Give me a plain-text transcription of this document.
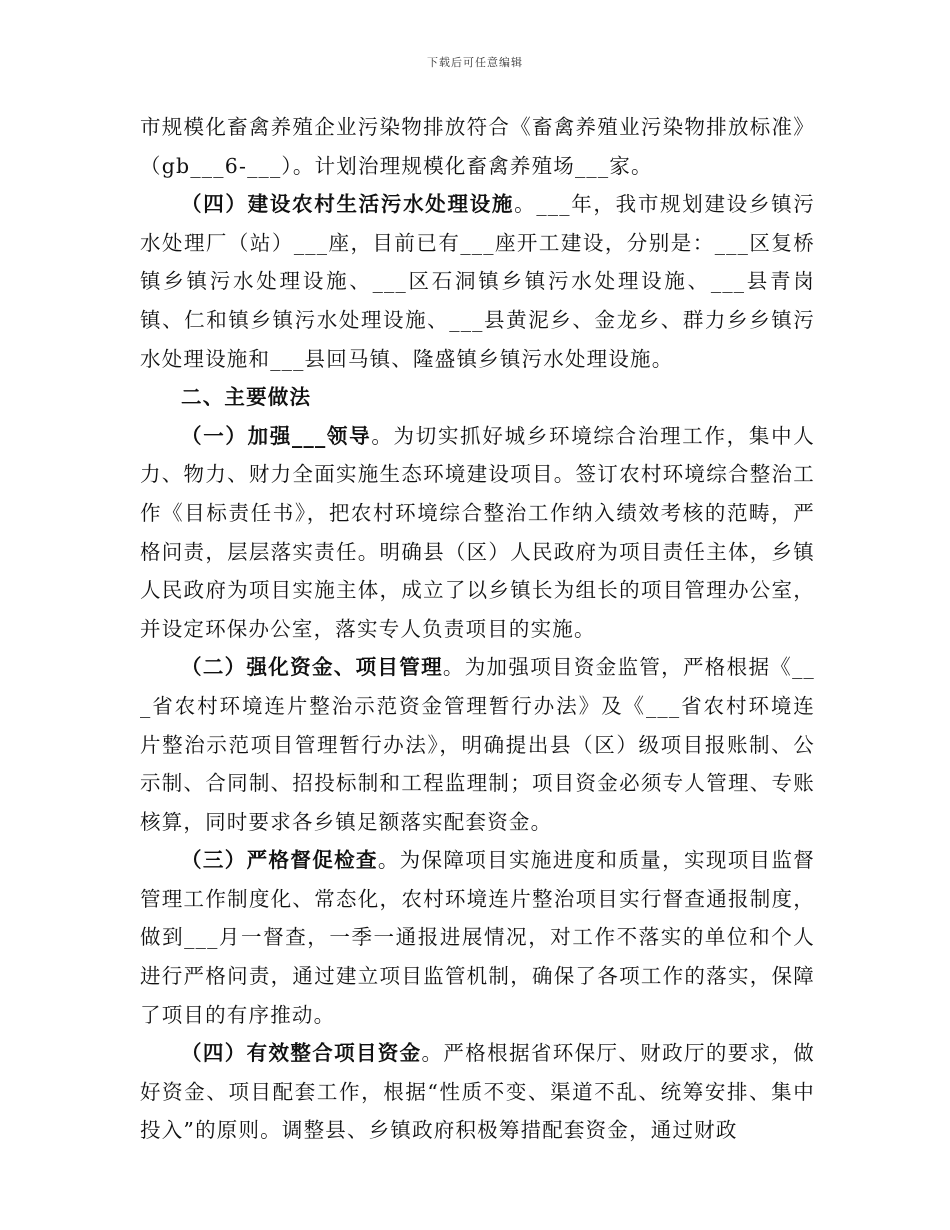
下载后可任意编辑

市规模化畜禽养殖企业污染物排放符合《畜禽养殖业污染物排放标准》（gb___6-___）。计划治理规模化畜禽养殖场___家。

（四）建设农村生活污水处理设施。___年，我市规划建设乡镇污水处理厂（站）___座，目前已有___座开工建设，分别是：___区复桥镇乡镇污水处理设施、___区石洞镇乡镇污水处理设施、___县青岗镇、仁和镇乡镇污水处理设施、___县黄泥乡、金龙乡、群力乡乡镇污水处理设施和___县回马镇、隆盛镇乡镇污水处理设施。

二、主要做法

（一）加强___领导。为切实抓好城乡环境综合治理工作，集中人力、物力、财力全面实施生态环境建设项目。签订农村环境综合整治工作《目标责任书》，把农村环境综合整治工作纳入绩效考核的范畴，严格问责，层层落实责任。明确县（区）人民政府为项目责任主体，乡镇人民政府为项目实施主体，成立了以乡镇长为组长的项目管理办公室，并设定环保办公室，落实专人负责项目的实施。

（二）强化资金、项目管理。为加强项目资金监管，严格根据《___省农村环境连片整治示范资金管理暂行办法》及《___省农村环境连片整治示范项目管理暂行办法》，明确提出县（区）级项目报账制、公示制、合同制、招投标制和工程监理制；项目资金必须专人管理、专账核算，同时要求各乡镇足额落实配套资金。

（三）严格督促检查。为保障项目实施进度和质量，实现项目监督管理工作制度化、常态化，农村环境连片整治项目实行督查通报制度，做到___月一督查，一季一通报进展情况，对工作不落实的单位和个人进行严格问责，通过建立项目监管机制，确保了各项工作的落实，保障了项目的有序推动。

（四）有效整合项目资金。严格根据省环保厅、财政厅的要求，做好资金、项目配套工作，根据“性质不变、渠道不乱、统筹安排、集中投入”的原则。调整县、乡镇政府积极筹措配套资金，通过财政
